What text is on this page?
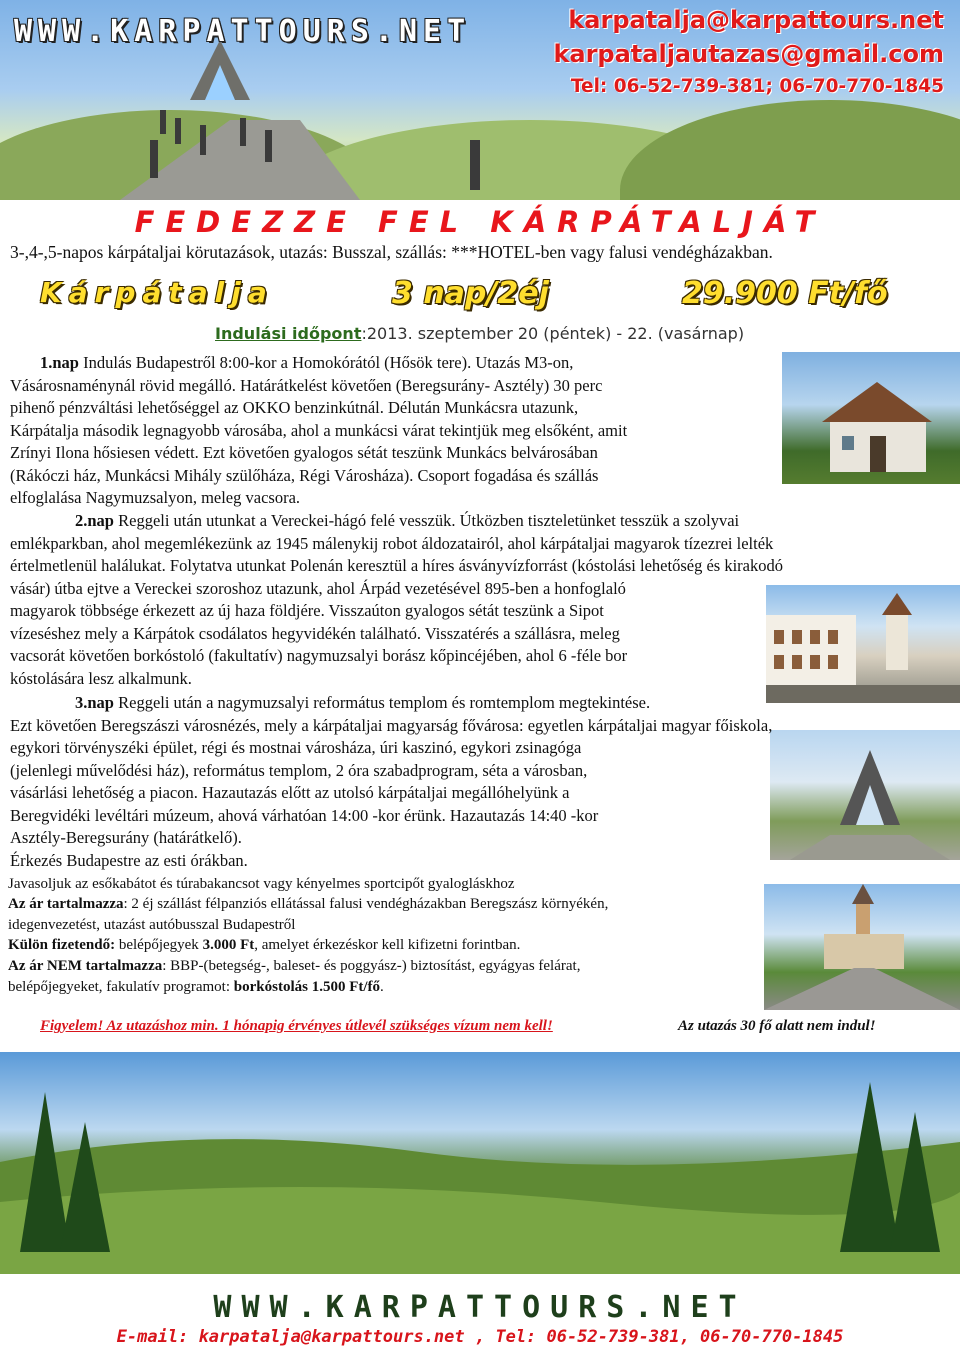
WWW.KARPATTOURS.NET	karpatalja@karpattours.net
karpataljautazas@gmail.com
Tel: 06-52-739-381; 06-70-770-1845
FEDEZZE FEL KÁRPÁTALJÁT
3-,4-,5-napos kárpátaljai körutazások, utazás: Busszal, szállás: ***HOTEL-ben vagy falusi vendégházakban.
Kárpátalja	3 nap/2éj	29.900 Ft/fő
Indulási időpont:2013. szeptember 20 (péntek) - 22. (vasárnap)
1.nap Indulás Budapestről 8:00-kor a Homokórától (Hősök tere). Utazás M3-on,
Vásárosnaménynál rövid megálló. Határátkelést követően (Beregsurány- Asztély) 30 perc
pihenő pénzváltási lehetőséggel az OKKO benzinkútnál. Délután Munkácsra utazunk,
Kárpátalja második legnagyobb városába, ahol a munkácsi várat tekintjük meg elsőként, amit
Zrínyi Ilona hősiesen védett. Ezt követően gyalogos sétát teszünk Munkács belvárosában
(Rákóczi ház, Munkácsi Mihály szülőháza, Régi Városháza). Csoport fogadása és szállás
elfoglalása Nagymuzsalyon, meleg vacsora.
2.nap Reggeli után utunkat a Vereckei-hágó felé vesszük. Útközben tiszteletünket tesszük a szolyvai
emlékparkban, ahol megemlékezünk az 1945 málenykij robot áldozatairól, ahol kárpátaljai magyarok tízezrei lelték
értelmetlenül halálukat. Folytatva utunkat Polenán keresztül a híres ásványvízforrást (kóstolási lehetőség és kirakodó
vásár) útba ejtve a Vereckei szoroshoz utazunk, ahol Árpád vezetésével 895-ben a honfoglaló
magyarok többsége érkezett az új haza földjére. Visszaúton gyalogos sétát teszünk a Sipot
vízeséshez mely a Kárpátok csodálatos hegyvidékén található. Visszatérés a szállásra, meleg
vacsorát követően borkóstoló (fakultatív) nagymuzsalyi borász kőpincéjében, ahol 6 -féle bor
kóstolására lesz alkalmunk.
3.nap Reggeli után a nagymuzsalyi református templom és romtemplom megtekintése.
Ezt követően Beregszászi városnézés, mely a kárpátaljai magyarság fővárosa: egyetlen kárpátaljai magyar főiskola,
egykori törvényszéki épület, régi és mostnai városháza, úri kaszinó, egykori zsinagóga
(jelenlegi művelődési ház), református templom, 2 óra szabadprogram, séta a városban,
vásárlási lehetőség a piacon. Hazautazás előtt az utolsó kárpátaljai megállóhelyünk a
Beregvidéki levéltári múzeum, ahová várhatóan 14:00 -kor érünk. Hazautazás 14:40 -kor
Asztély-Beregsurány (határátkelő).
Érkezés Budapestre az esti órákban.
Javasoljuk az esőkabátot és túrabakancsot vagy kényelmes sportcipőt gyalogláskhoz
Az ár tartalmazza: 2 éj szállást félpanziós ellátással falusi vendégházakban Beregszász környékén,
idegenvezetést, utazást autóbusszal Budapestről
Külön fizetendő: belépőjegyek 3.000 Ft, amelyet érkezéskor kell kifizetni forintban.
Az ár NEM tartalmazza: BBP-(betegség-, baleset- és poggyász-) biztosítást, egyágyas felárat,
belépőjegyeket, fakulatív programot: borkóstolás 1.500 Ft/fő.
Figyelem! Az utazáshoz min. 1 hónapig érvényes útlevél szükséges vízum nem kell!	Az utazás 30 fő alatt nem indul!
WWW.KARPATTOURS.NET
E-mail: karpatalja@karpattours.net , Tel: 06-52-739-381, 06-70-770-1845
